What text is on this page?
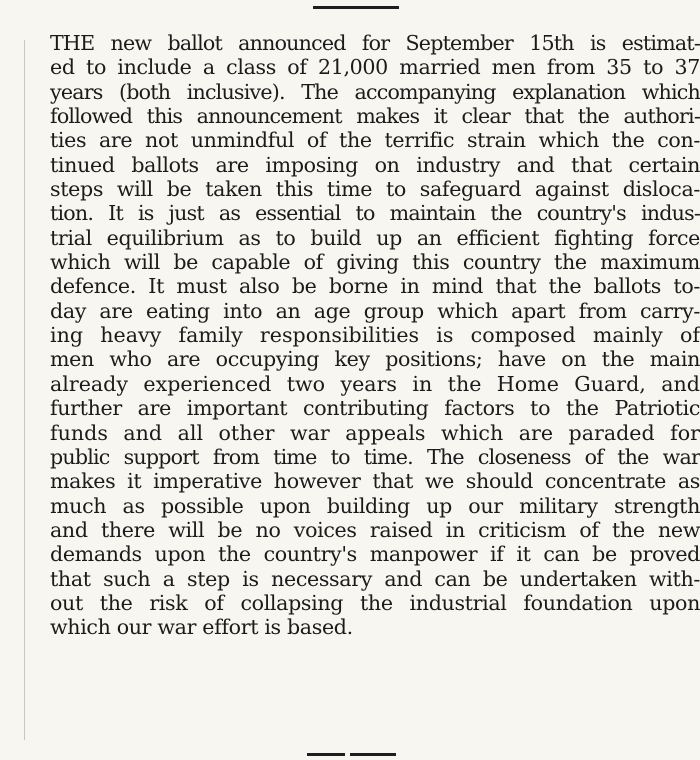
THE new ballot announced for September 15th is estimat-
ed to include a class of 21,000 married men from 35 to 37
years (both inclusive). The accompanying explanation which
followed this announcement makes it clear that the authori-
ties are not unmindful of the terrific strain which the con-
tinued ballots are imposing on industry and that certain
steps will be taken this time to safeguard against disloca-
tion. It is just as essential to maintain the country's indus-
trial equilibrium as to build up an efficient fighting force
which will be capable of giving this country the maximum
defence. It must also be borne in mind that the ballots to-
day are eating into an age group which apart from carry-
ing heavy family responsibilities is composed mainly of
men who are occupying key positions; have on the main
already experienced two years in the Home Guard, and
further are important contributing factors to the Patriotic
funds and all other war appeals which are paraded for
public support from time to time. The closeness of the war
makes it imperative however that we should concentrate as
much as possible upon building up our military strength
and there will be no voices raised in criticism of the new
demands upon the country's manpower if it can be proved
that such a step is necessary and can be undertaken with-
out the risk of collapsing the industrial foundation upon
which our war effort is based.
